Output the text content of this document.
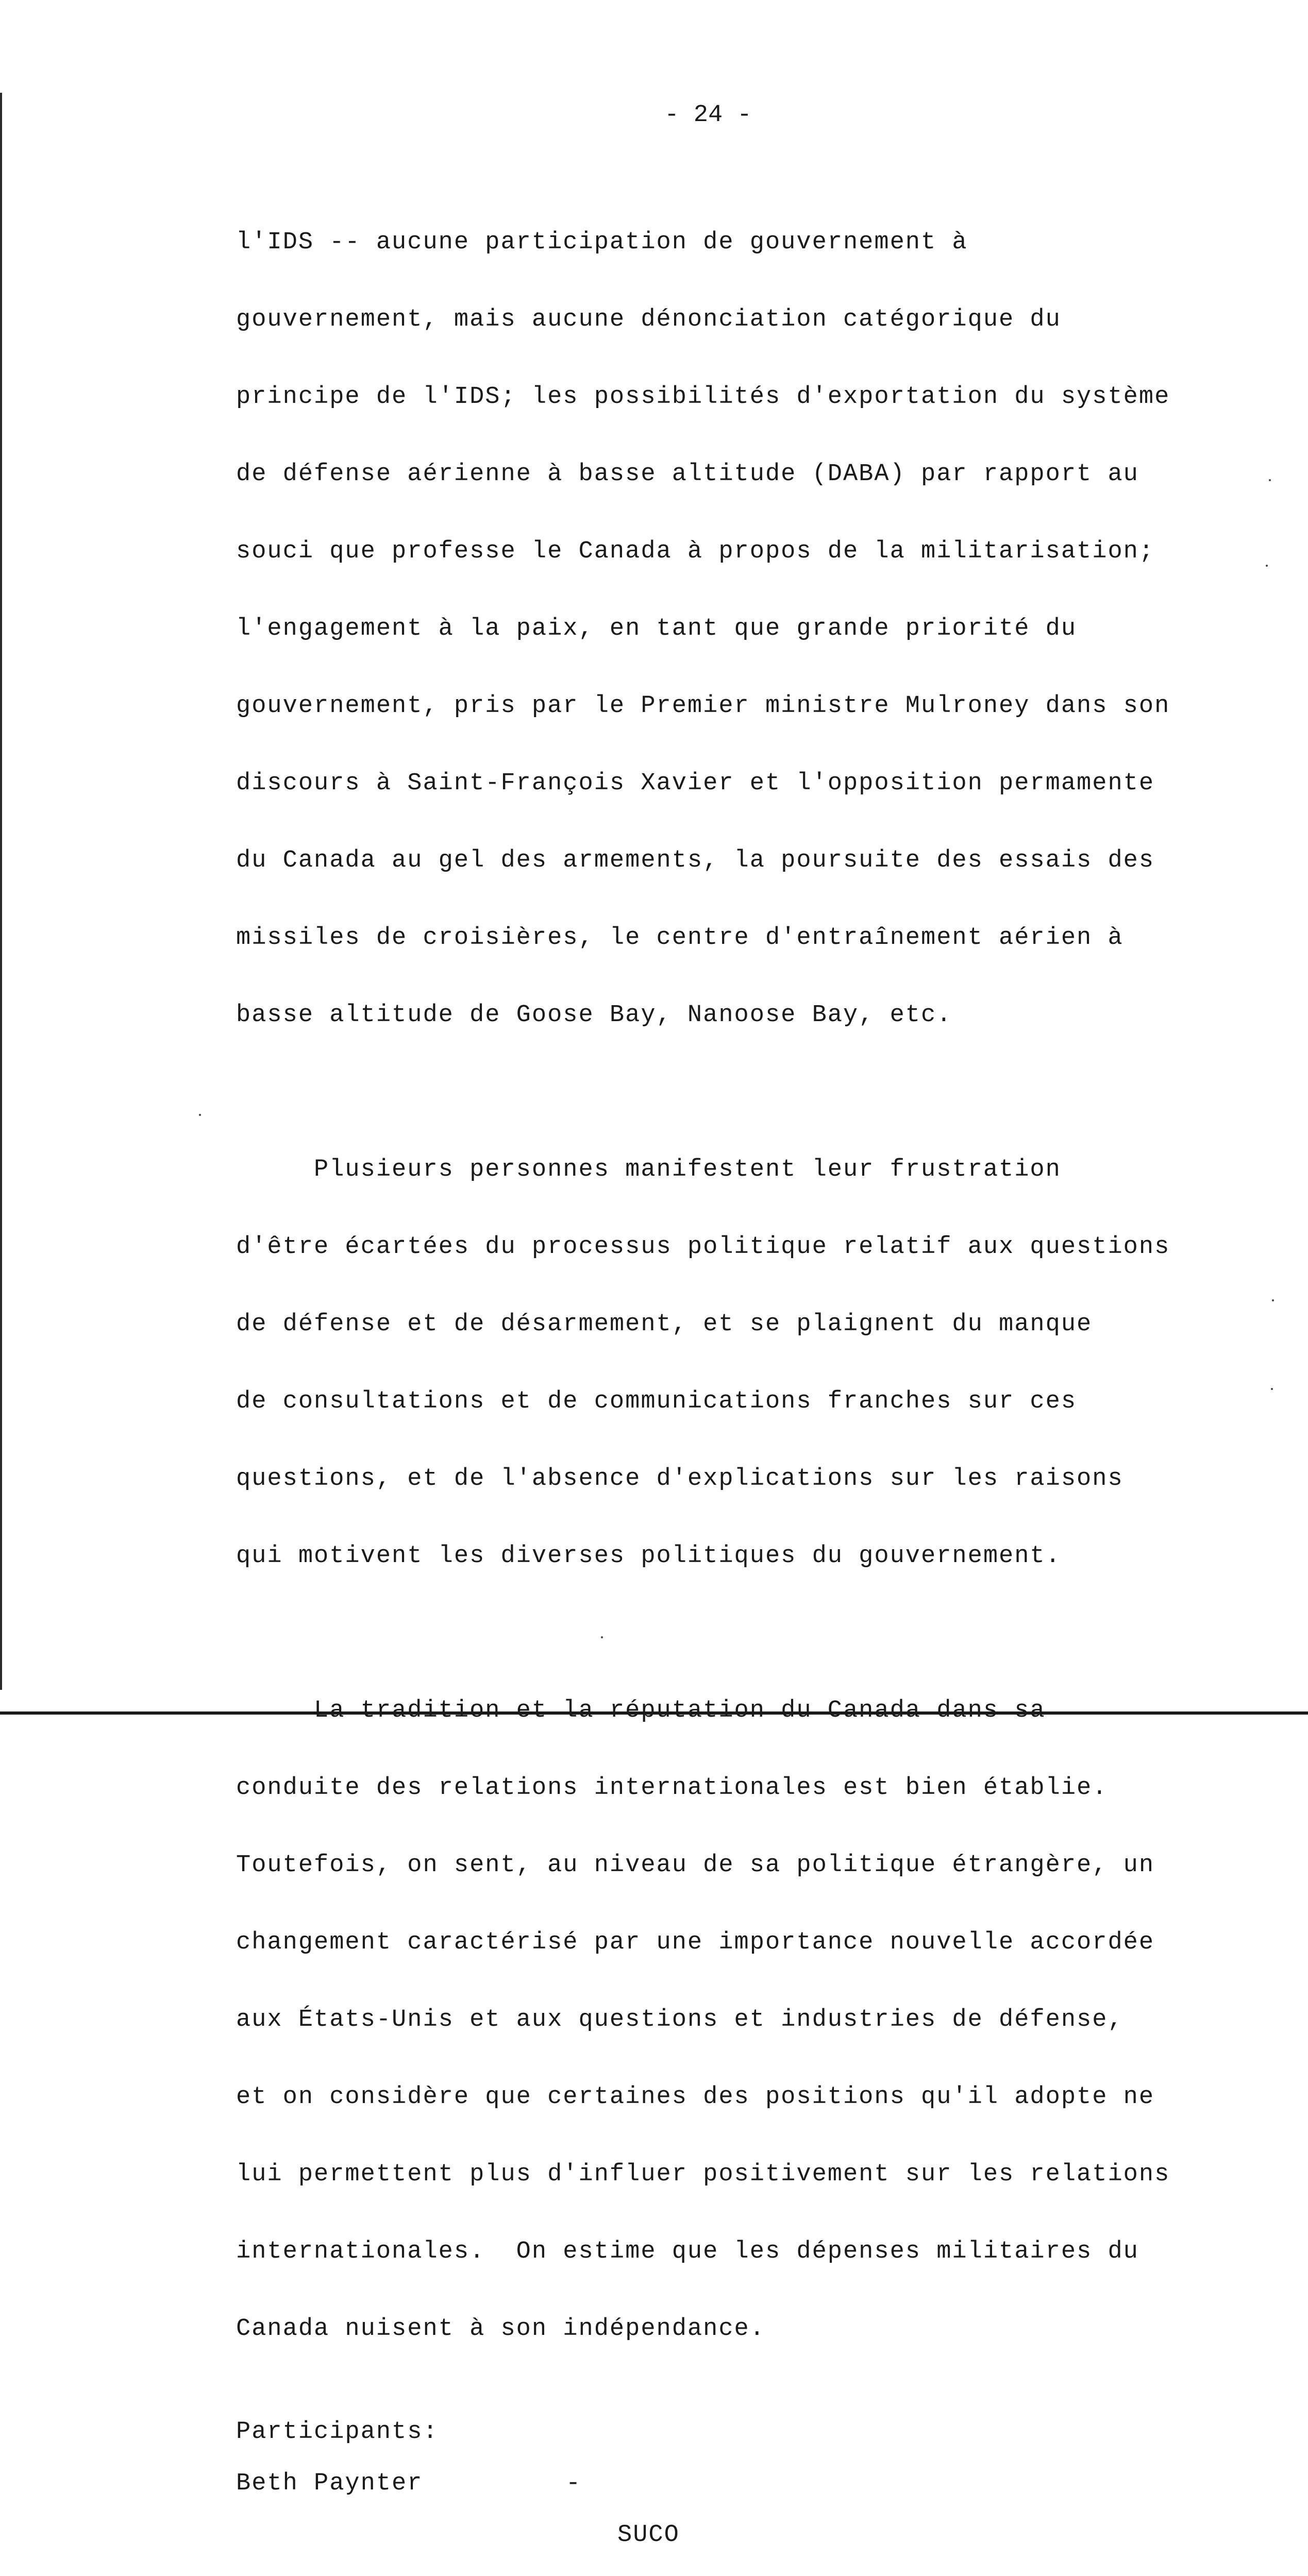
- 24 -

l'IDS -- aucune participation de gouvernement à

gouvernement, mais aucune dénonciation catégorique du

principe de l'IDS; les possibilités d'exportation du système

de défense aérienne à basse altitude (DABA) par rapport au

souci que professe le Canada à propos de la militarisation;

l'engagement à la paix, en tant que grande priorité du

gouvernement, pris par le Premier ministre Mulroney dans son

discours à Saint-François Xavier et l'opposition permamente

du Canada au gel des armements, la poursuite des essais des

missiles de croisières, le centre d'entraînement aérien à

basse altitude de Goose Bay, Nanoose Bay, etc.

Plusieurs personnes manifestent leur frustration

d'être écartées du processus politique relatif aux questions

de défense et de désarmement, et se plaignent du manque

de consultations et de communications franches sur ces

questions, et de l'absence d'explications sur les raisons

qui motivent les diverses politiques du gouvernement.

La tradition et la réputation du Canada dans sa

conduite des relations internationales est bien établie.

Toutefois, on sent, au niveau de sa politique étrangère, un

changement caractérisé par une importance nouvelle accordée

aux États-Unis et aux questions et industries de défense,

et on considère que certaines des positions qu'il adopte ne

lui permettent plus d'influer positivement sur les relations

internationales.  On estime que les dépenses militaires du

Canada nuisent à son indépendance.

Participants:
Beth Paynter	-

SUCO
